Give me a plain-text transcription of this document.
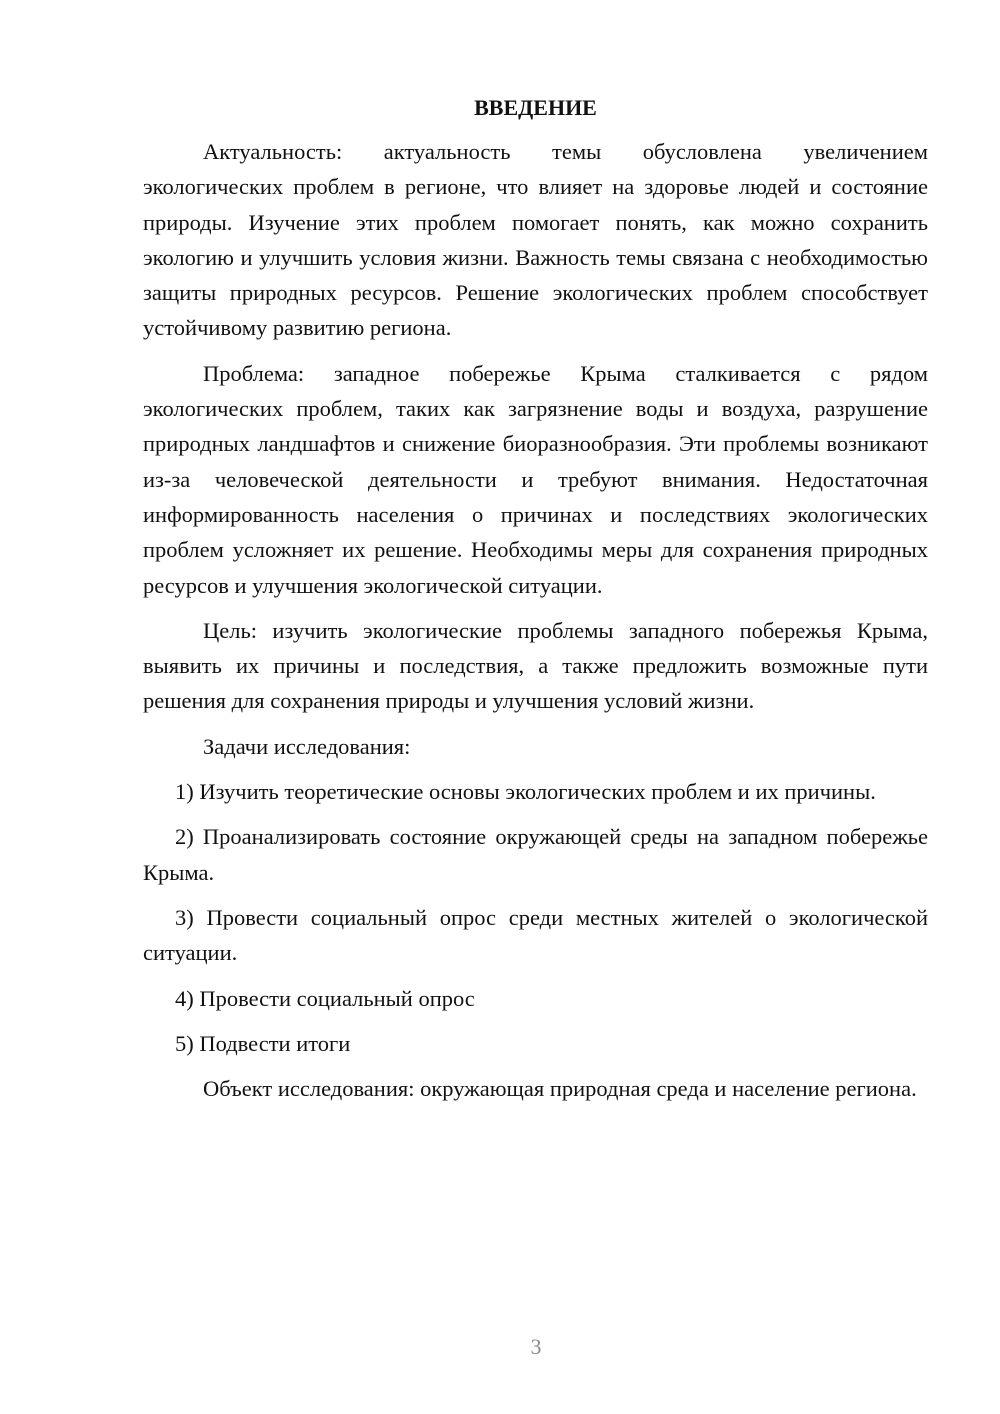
ВВЕДЕНИЕ

Актуальность: актуальность темы обусловлена увеличением экологических проблем в регионе, что влияет на здоровье людей и состояние природы. Изучение этих проблем помогает понять, как можно сохранить экологию и улучшить условия жизни. Важность темы связана с необходимостью защиты природных ресурсов. Решение экологических проблем способствует устойчивому развитию региона.

Проблема: западное побережье Крыма сталкивается с рядом экологических проблем, таких как загрязнение воды и воздуха, разрушение природных ландшафтов и снижение биоразнообразия. Эти проблемы возникают из-за человеческой деятельности и требуют внимания. Недостаточная информированность населения о причинах и последствиях экологических проблем усложняет их решение. Необходимы меры для сохранения природных ресурсов и улучшения экологической ситуации.

Цель: изучить экологические проблемы западного побережья Крыма, выявить их причины и последствия, а также предложить возможные пути решения для сохранения природы и улучшения условий жизни.

Задачи исследования:

1) Изучить теоретические основы экологических проблем и их причины.

2) Проанализировать состояние окружающей среды на западном побережье Крыма.

3) Провести социальный опрос среди местных жителей о экологической ситуации.

4) Провести социальный опрос

5) Подвести итоги

Объект исследования: окружающая природная среда и население региона.

3
